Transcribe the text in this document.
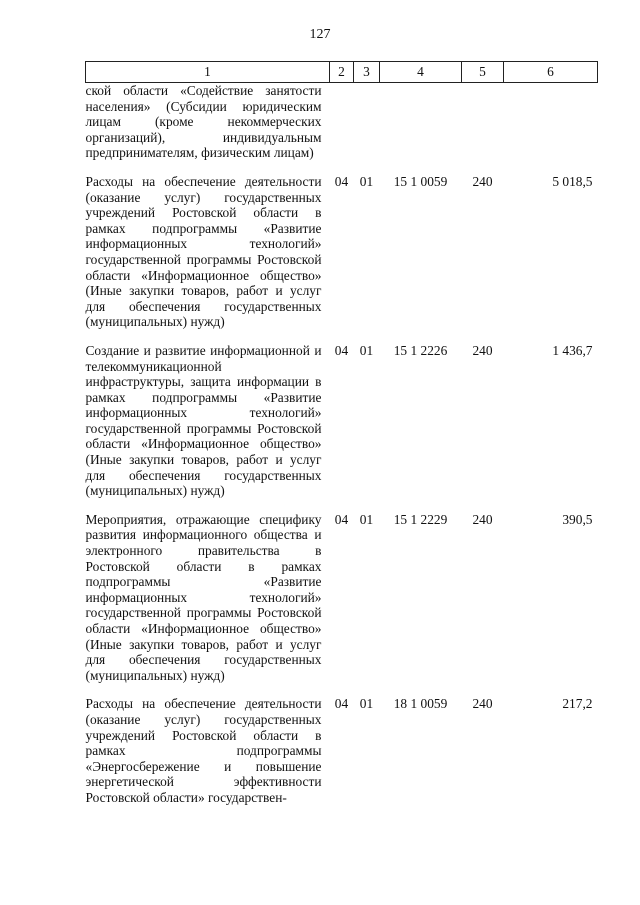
127
1	2	3	4	5	6
ской области «Содействие занятости населения» (Субсидии юридическим лицам (кроме некоммерческих организаций), индивидуальным предпринимателям, физическим лицам)					
Расходы на обеспечение деятельности (оказание услуг) государственных учреждений Ростовской области в рамках подпрограммы «Развитие информационных технологий» государственной программы Ростовской области «Информационное общество» (Иные закупки товаров, работ и услуг для обеспечения государственных (муниципальных) нужд)	04	01	15 1 0059	240	5 018,5
Создание и развитие информационной и телекоммуникационной инфраструктуры, защита информации в рамках подпрограммы «Развитие информационных технологий» государственной программы Ростовской области «Информационное общество» (Иные закупки товаров, работ и услуг для обеспечения государственных (муниципальных) нужд)	04	01	15 1 2226	240	1 436,7
Мероприятия, отражающие специфику развития информационного общества и электронного правительства в Ростовской области в рамках подпрограммы «Развитие информационных технологий» государственной программы Ростовской области «Информационное общество» (Иные закупки товаров, работ и услуг для обеспечения государственных (муниципальных) нужд)	04	01	15 1 2229	240	390,5
Расходы на обеспечение деятельности (оказание услуг) государственных учреждений Ростовской области в рамках подпрограммы «Энергосбережение и повышение энергетической эффективности Ростовской области» государствен-	04	01	18 1 0059	240	217,2
